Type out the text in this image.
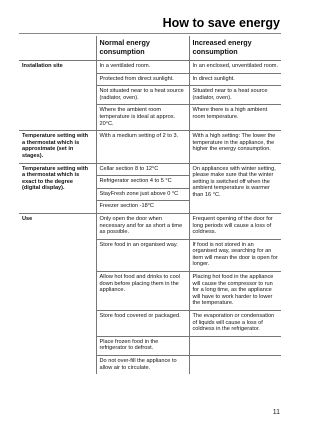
How to save energy
	Normal energy consumption	Increased energy consumption
Installation site	In a ventilated room.	In an enclosed, unventilated room.
	Protected from direct sunlight.	In direct sunlight.
	Not situated near to a heat source (radiator, oven).	Situated near to a heat source (radiator, oven).
	Where the ambient room temperature is ideal at approx. 20°C.	Where there is a high ambient room temperature.
Temperature setting with a thermostat which is approximate (set in stages).	With a medium setting of 2 to 3.	With a high setting: The lower the temperature in the appliance, the higher the energy consumption.
Temperature setting with a thermostat which is exact to the degree (digital display).	Cellar section 8 to 12°C	On appliances with winter setting, please make sure that the winter setting is switched off when the ambient temperature is warmer than 16 °C.
	Refrigerator section 4 to 5 °C	
	StayFresh zone just above 0 °C	
	Freezer section -18°C	
Use	Only open the door when necessary and for as short a time as possible.	Frequent opening of the door for long periods will cause a loss of coldness.
	Store food in an organised way.	If food is not stored in an organised way, searching for an item will mean the door is open for longer.
	Allow hot food and drinks to cool down before placing them in the appliance.	Placing hot food in the appliance will cause the compressor to run for a long time, as the appliance will have to work harder to lower the temperature.
	Store food covered or packaged.	The evaporation or condensation of liquids will cause a loss of coldness in the refrigerator.
	Place frozen food in the refrigerator to defrost.	
	Do not over-fill the appliance to allow air to circulate.	
11
